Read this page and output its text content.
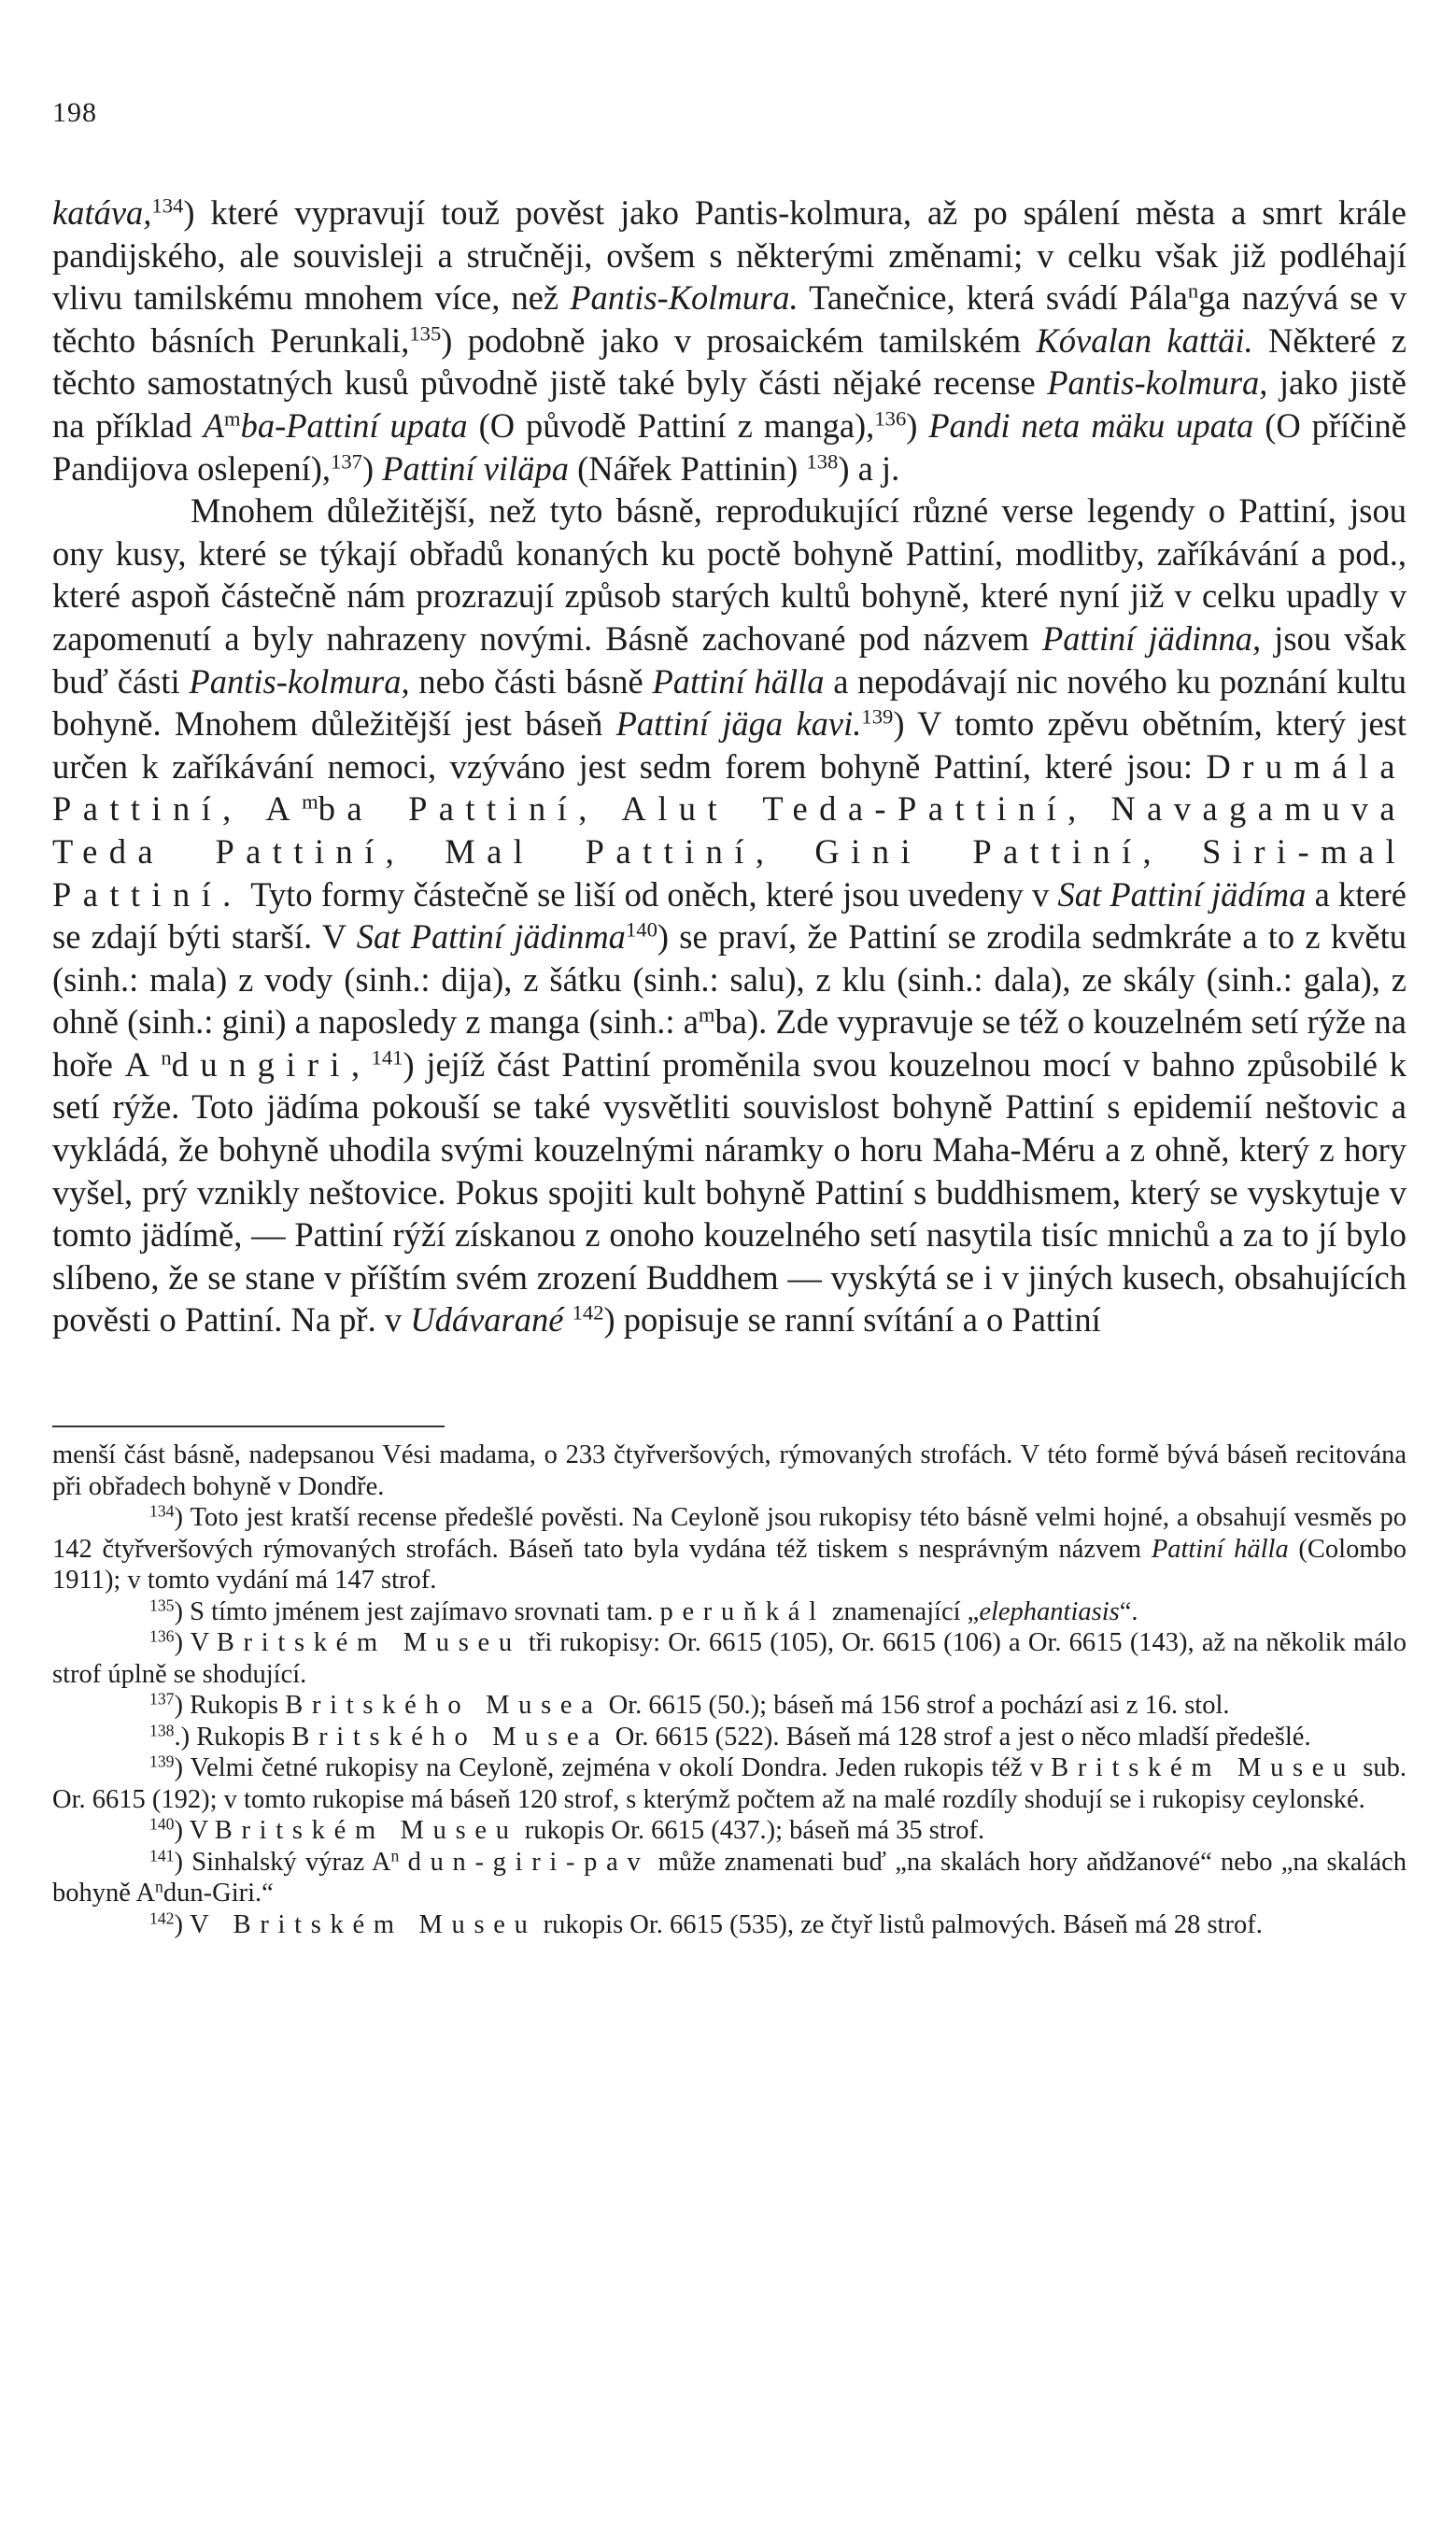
198

katáva,$^{134}$) které vypravují touž pověst jako Pantis-kolmura, až po spálení města a smrt krále pandijského, ale souvisleji a stručněji, ovšem s některými změnami; v celku však již podléhají vlivu tamilskému mnohem více, než Pantis-Kolmura. Tanečnice, která svádí Pála$^n$ga nazývá se v těchto básních Perunkali,$^{135}$) podobně jako v prosaickém tamilském Kóvalan kattäi. Některé z těchto samostatných kusů původně jistě také byly části nějaké recense Pantis-kolmura, jako jistě na příklad $A^mba$-Pattiní upata (O původě Pattiní z manga),$^{136}$) Pandi neta mäku upata (O příčině Pandijova oslepení),$^{137}$) Pattiní viläpa (Nářek Pattinin) $^{138}$) a j.

Mnohem důležitější, než tyto básně, reprodukující různé verse legendy o Pattiní, jsou ony kusy, které se týkají obřadů konaných ku poctě bohyně Pattiní, modlitby, zaříkávání a pod., které aspoň částečně nám prozrazují způsob starých kultů bohyně, které nyní již v celku upadly v zapomenutí a byly nahrazeny novými. Básně zachované pod názvem Pattiní jädinna, jsou však buď části Pantis-kolmura, nebo části básně Pattiní hälla a nepodávají nic nového ku poznání kultu bohyně. Mnohem důležitější jest báseň Pattiní jäga kavi.$^{139}$) V tomto zpěvu obětním, který jest určen k zaříkávání nemoci, vzýváno jest sedm forem bohyně Pattiní, které jsou: Drumála Pattiní, $A^mba$ Pattiní, Alut Teda-Pattiní, Navagamuva Teda Pattiní, Mal Pattiní, Gini Pattiní, Siri-mal Pattiní. Tyto formy částečně se liší od oněch, které jsou uvedeny v Sat Pattiní jädíma a které se zdají býti starší. V Sat Pattiní jädinma$^{140}$) se praví, že Pattiní se zrodila sedmkráte a to z květu (sinh.: mala) z vody (sinh.: dija), z šátku (sinh.: salu), z klu (sinh.: dala), ze skály (sinh.: gala), z ohně (sinh.: gini) a naposledy z manga (sinh.: $a^mba$). Zde vypravuje se též o kouzelném setí rýže na hoře $A^ndungiri,^{141}$) jejíž část Pattiní proměnila svou kouzelnou mocí v bahno způsobilé k setí rýže. Toto jädíma pokouší se také vysvětliti souvislost bohyně Pattiní s epidemií neštovic a vykládá, že bohyně uhodila svými kouzelnými náramky o horu Maha-Méru a z ohně, který z hory vyšel, prý vznikly neštovice. Pokus spojiti kult bohyně Pattiní s buddhismem, který se vyskytuje v tomto jädímě, — Pattiní rýží získanou z onoho kouzelného setí nasytila tisíc mnichů a za to jí bylo slíbeno, že se stane v příštím svém zrození Buddhem — vyskýtá se i v jiných kusech, obsahujících pověsti o Pattiní. Na př. v Udávarané $^{142}$) popisuje se ranní svítání a o Pattiní

menší část básně, nadepsanou Vési madama, o 233 čtyřveršových, rýmovaných strofách. V této formě bývá báseň recitována při obřadech bohyně v Dondře.

$^{134}$) Toto jest kratší recense předešlé pověsti. Na Ceyloně jsou rukopisy této básně velmi hojné, a obsahují vesměs po 142 čtyřveršových rýmovaných strofách. Báseň tato byla vydána též tiskem s nesprávným názvem Pattiní hälla (Colombo 1911); v tomto vydání má 147 strof.

$^{135}$) S tímto jménem jest zajímavo srovnati tam. peruňkál znamenající „elephantiasis“.

$^{136}$) V Britském Museu tři rukopisy: Or. 6615 (105), Or. 6615 (106) a Or. 6615 (143), až na několik málo strof úplně se shodující.

$^{137}$) Rukopis Britského Musea Or. 6615 (50.); báseň má 156 strof a pochází asi z 16. stol.

$^{138}$.) Rukopis Britského Musea Or. 6615 (522). Báseň má 128 strof a jest o něco mladší předešlé.

$^{139}$) Velmi četné rukopisy na Ceyloně, zejména v okolí Dondra. Jeden rukopis též v Britském Museu sub. Or. 6615 (192); v tomto rukopise má báseň 120 strof, s kterýmž počtem až na malé rozdíly shodují se i rukopisy ceylonské.

$^{140}$) V Britském Museu rukopis Or. 6615 (437.); báseň má 35 strof.

$^{141}$) Sinhalský výraz $A^n$ dun-giri-pav může znamenati buď „na skalách hory aňdžanové“ nebo „na skalách bohyně $A^ndun-Giri.“$

$^{142}$) V Britském Museu rukopis Or. 6615 (535), ze čtyř listů palmových. Báseň má 28 strof.
